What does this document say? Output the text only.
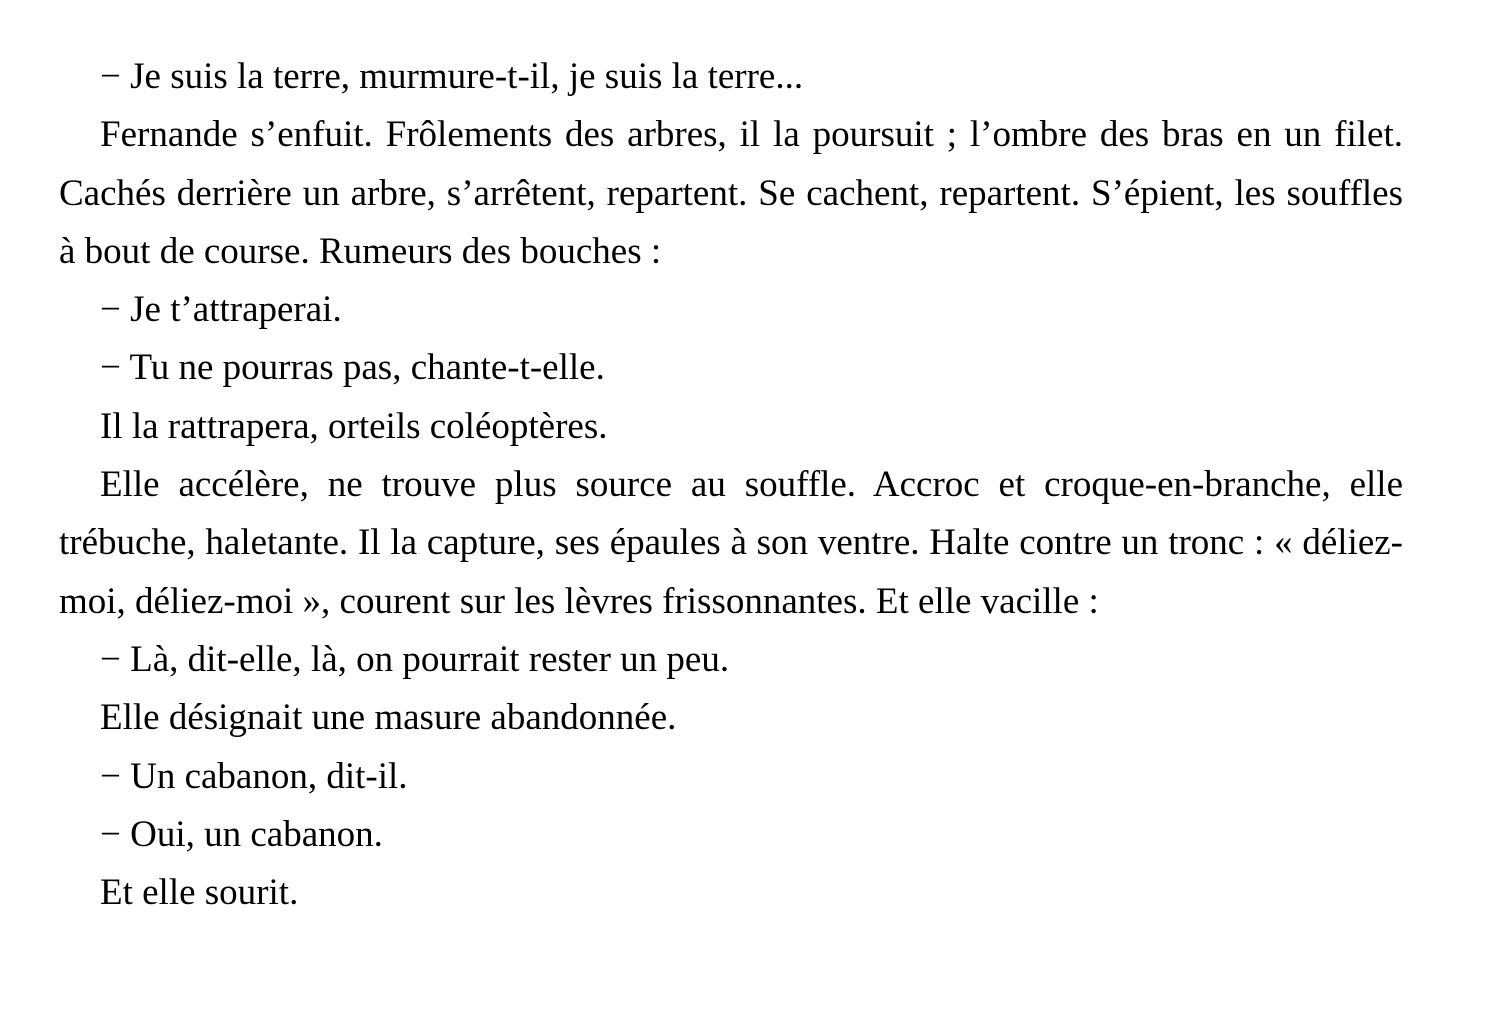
− Je suis la terre, murmure-t-il, je suis la terre...

Fernande s’enfuit. Frôlements des arbres, il la poursuit ; l’ombre des bras en un filet. Cachés derrière un arbre, s’arrêtent, repartent. Se cachent, repartent. S’épient, les souffles à bout de course. Rumeurs des bouches :

− Je t’attraperai.

− Tu ne pourras pas, chante-t-elle.

Il la rattrapera, orteils coléoptères.

Elle accélère, ne trouve plus source au souffle. Accroc et croque-en-branche, elle trébuche, haletante. Il la capture, ses épaules à son ventre. Halte contre un tronc : « déliez-moi, déliez-moi », courent sur les lèvres frissonnantes. Et elle vacille :

− Là, dit-elle, là, on pourrait rester un peu.

Elle désignait une masure abandonnée.

− Un cabanon, dit-il.

− Oui, un cabanon.

Et elle sourit.
